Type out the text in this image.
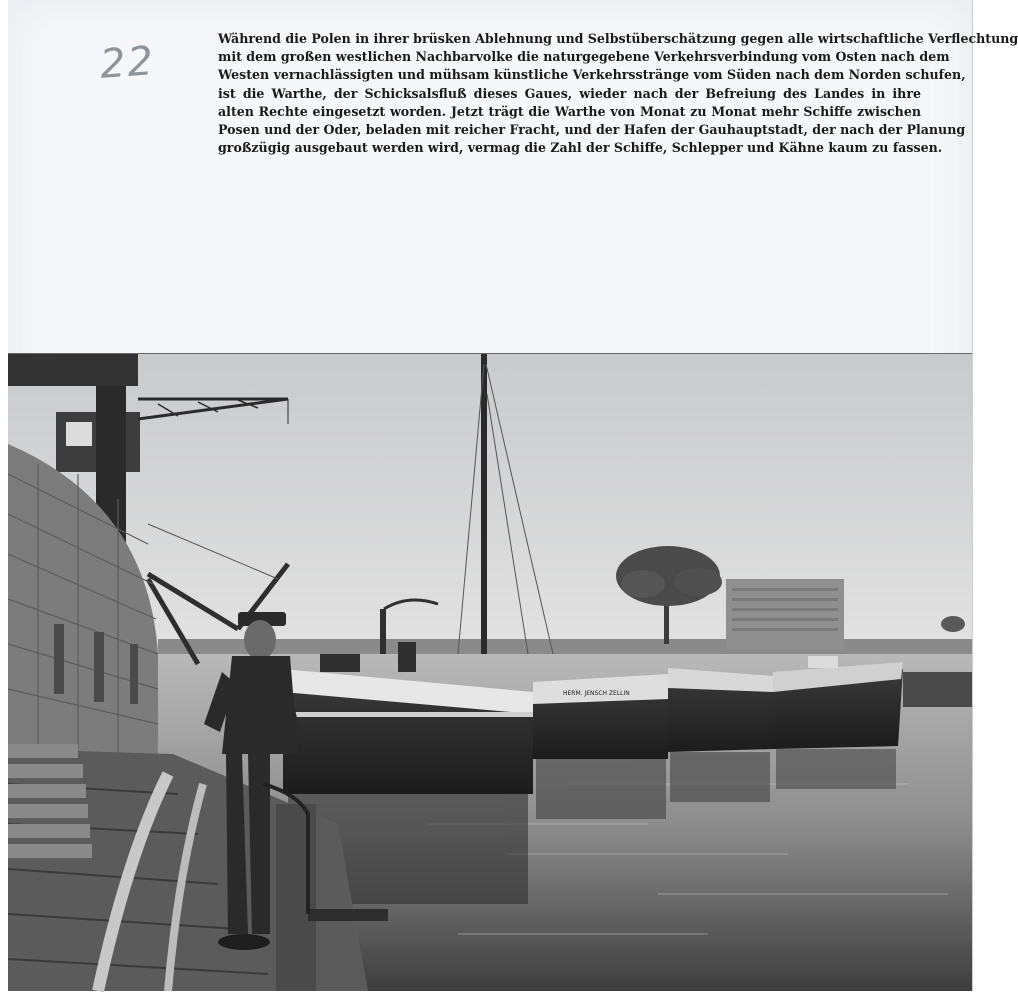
22	Während die Polen in ihrer brüsken Ablehnung und Selbstüberschätzung gegen alle wirtschaftliche Verflechtung
mit dem großen westlichen Nachbarvolke die naturgegebene Verkehrsverbindung vom Osten nach dem
Westen vernachlässigten und mühsam künstliche Verkehrsstränge vom Süden nach dem Norden schufen,
ist die Warthe, der Schicksalsfluß dieses Gaues, wieder nach der Befreiung des Landes in ihre
alten Rechte eingesetzt worden. Jetzt trägt die Warthe von Monat zu Monat mehr Schiffe zwischen
Posen und der Oder, beladen mit reicher Fracht, und der Hafen der Gauhauptstadt, der nach der Planung
großzügig ausgebaut werden wird, vermag die Zahl der Schiffe, Schlepper und Kähne kaum zu fassen.
HERM. JENSCH ZELLIN
